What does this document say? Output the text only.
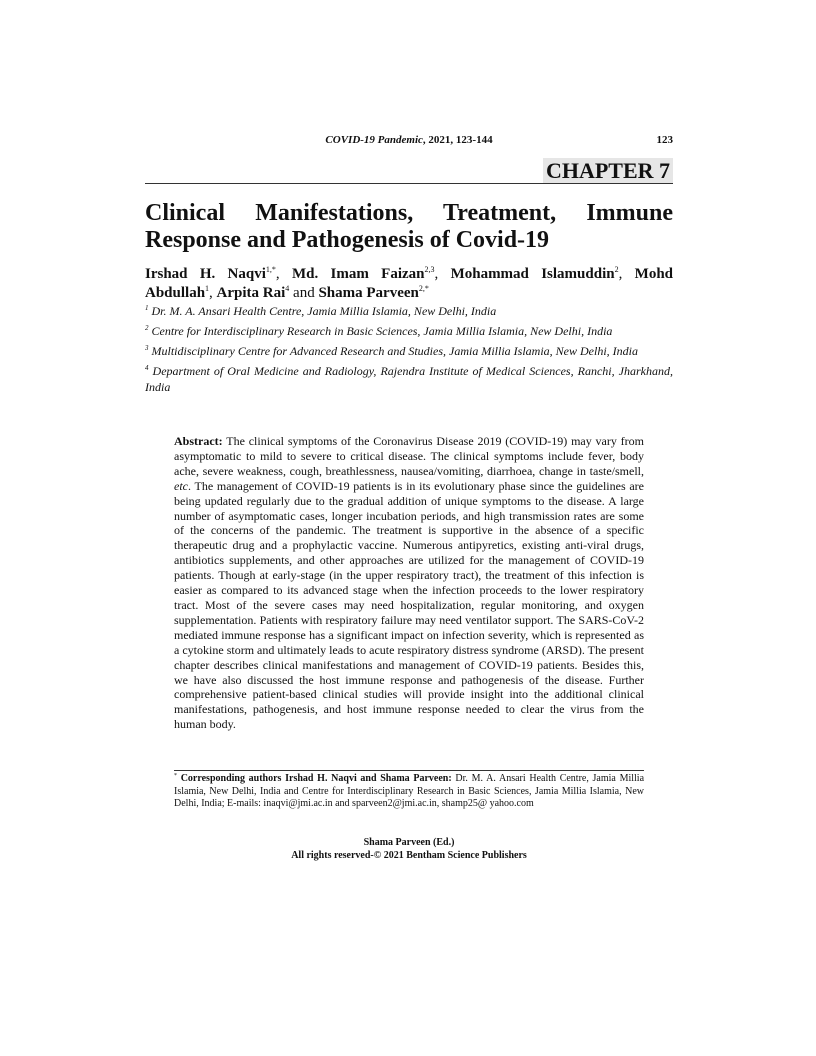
COVID-19 Pandemic, 2021, 123-144	123
CHAPTER 7
Clinical Manifestations, Treatment, Immune Response and Pathogenesis of Covid-19

Irshad H. Naqvi$^{1,*}$, Md. Imam Faizan$^{2,3}$, Mohammad Islamuddin$^2$, Mohd Abdullah$^1$, Arpita Rai$^4$ and Shama Parveen$^{2,*}$

$^1$ Dr. M. A. Ansari Health Centre, Jamia Millia Islamia, New Delhi, India

$^2$ Centre for Interdisciplinary Research in Basic Sciences, Jamia Millia Islamia, New Delhi, India

$^3$ Multidisciplinary Centre for Advanced Research and Studies, Jamia Millia Islamia, New Delhi, India

$^4$ Department of Oral Medicine and Radiology, Rajendra Institute of Medical Sciences, Ranchi, Jharkhand, India

Abstract: The clinical symptoms of the Coronavirus Disease 2019 (COVID-19) may vary from asymptomatic to mild to severe to critical disease. The clinical symptoms include fever, body ache, severe weakness, cough, breathlessness, nausea/vomiting, diarrhoea, change in taste/smell, etc. The management of COVID-19 patients is in its evolutionary phase since the guidelines are being updated regularly due to the gradual addition of unique symptoms to the disease. A large number of asymptomatic cases, longer incubation periods, and high transmission rates are some of the concerns of the pandemic. The treatment is supportive in the absence of a specific therapeutic drug and a prophylactic vaccine. Numerous antipyretics, existing anti-viral drugs, antibiotics supplements, and other approaches are utilized for the management of COVID-19 patients. Though at early-stage (in the upper respiratory tract), the treatment of this infection is easier as compared to its advanced stage when the infection proceeds to the lower respiratory tract. Most of the severe cases may need hospitalization, regular monitoring, and oxygen supplementation. Patients with respiratory failure may need ventilator support. The SARS-CoV-2 mediated immune response has a significant impact on infection severity, which is represented as a cytokine storm and ultimately leads to acute respiratory distress syndrome (ARSD). The present chapter describes clinical manifestations and management of COVID-19 patients. Besides this, we have also discussed the host immune response and pathogenesis of the disease. Further comprehensive patient-based clinical studies will provide insight into the additional clinical manifestations, pathogenesis, and host immune response needed to clear the virus from the human body.

* Corresponding authors Irshad H. Naqvi and Shama Parveen: Dr. M. A. Ansari Health Centre, Jamia Millia Islamia, New Delhi, India and Centre for Interdisciplinary Research in Basic Sciences, Jamia Millia Islamia, New Delhi, India; E-mails: inaqvi@jmi.ac.in and sparveen2@jmi.ac.in, shamp25@ yahoo.com

Shama Parveen (Ed.)
All rights reserved-© 2021 Bentham Science Publishers
